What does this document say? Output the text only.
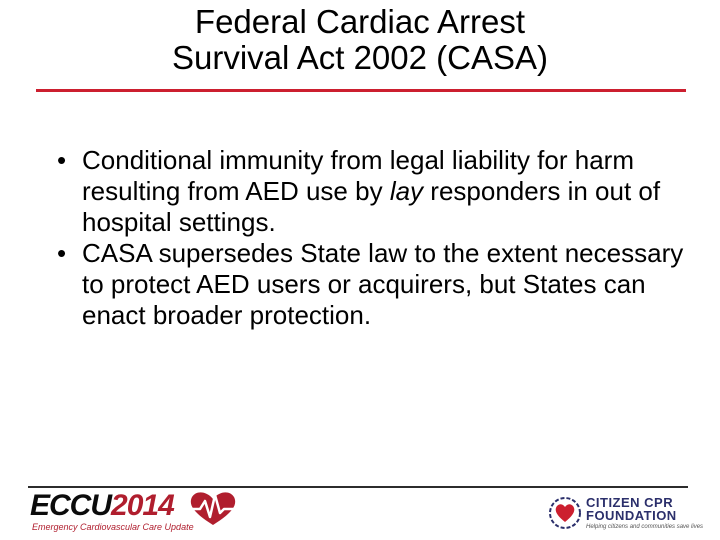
Federal Cardiac Arrest
Survival Act 2002 (CASA)
• Conditional immunity from legal liability for harm resulting from AED use by lay responders in out of hospital settings.
• CASA supersedes State law to the extent necessary to protect AED users or acquirers, but States can enact broader protection.
ECCU2014
Emergency Cardiovascular Care Update
CITIZEN CPR
FOUNDATION
Helping citizens and communities save lives
